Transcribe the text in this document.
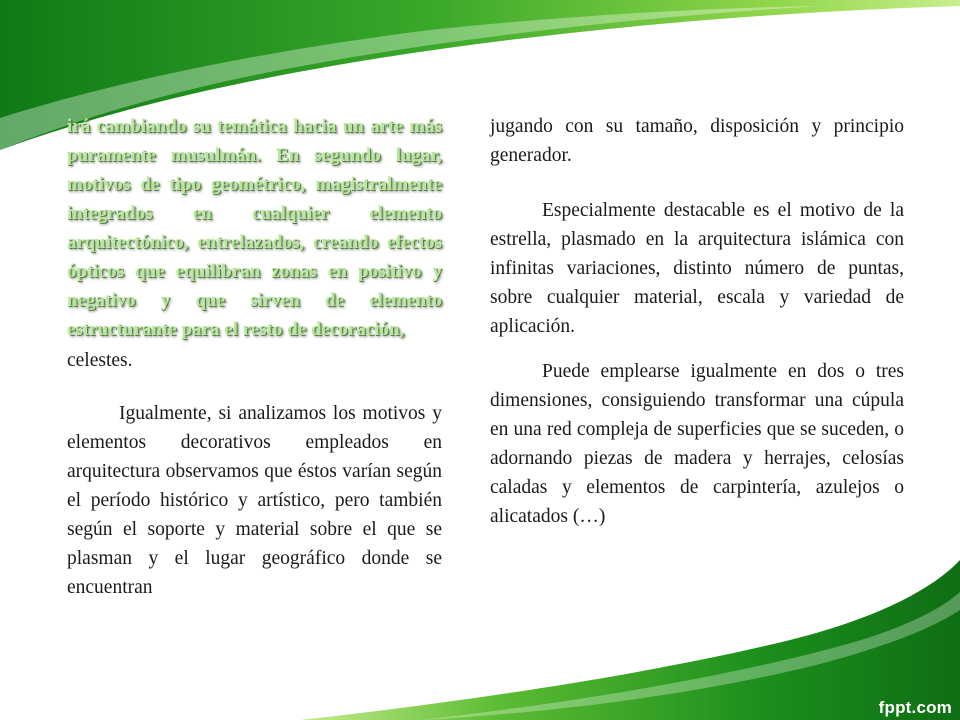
irá cambiando su temática hacia un arte más puramente musulmán. En segundo lugar, motivos de tipo geométrico, magistralmente integrados en cualquier elemento arquitectónico, entrelazados, creando efectos ópticos que equilibran zonas en positivo y negativo y que sirven de elemento estructurante para el resto de decoración,

celestes.

Igualmente, si analizamos los motivos y elementos decorativos empleados en arquitectura observamos que éstos varían según el período histórico y artístico, pero también según el soporte y material sobre el que se plasman y el lugar geográfico donde se encuentran

jugando con su tamaño, disposición y principio generador.

Especialmente destacable es el motivo de la estrella, plasmado en la arquitectura islámica con infinitas variaciones, distinto número de puntas, sobre cualquier material, escala y variedad de aplicación.

Puede emplearse igualmente en dos o tres dimensiones, consiguiendo transformar una cúpula en una red compleja de superficies que se suceden, o adornando piezas de madera y herrajes, celosías caladas y elementos de carpintería, azulejos o alicatados (…)

fppt.com
